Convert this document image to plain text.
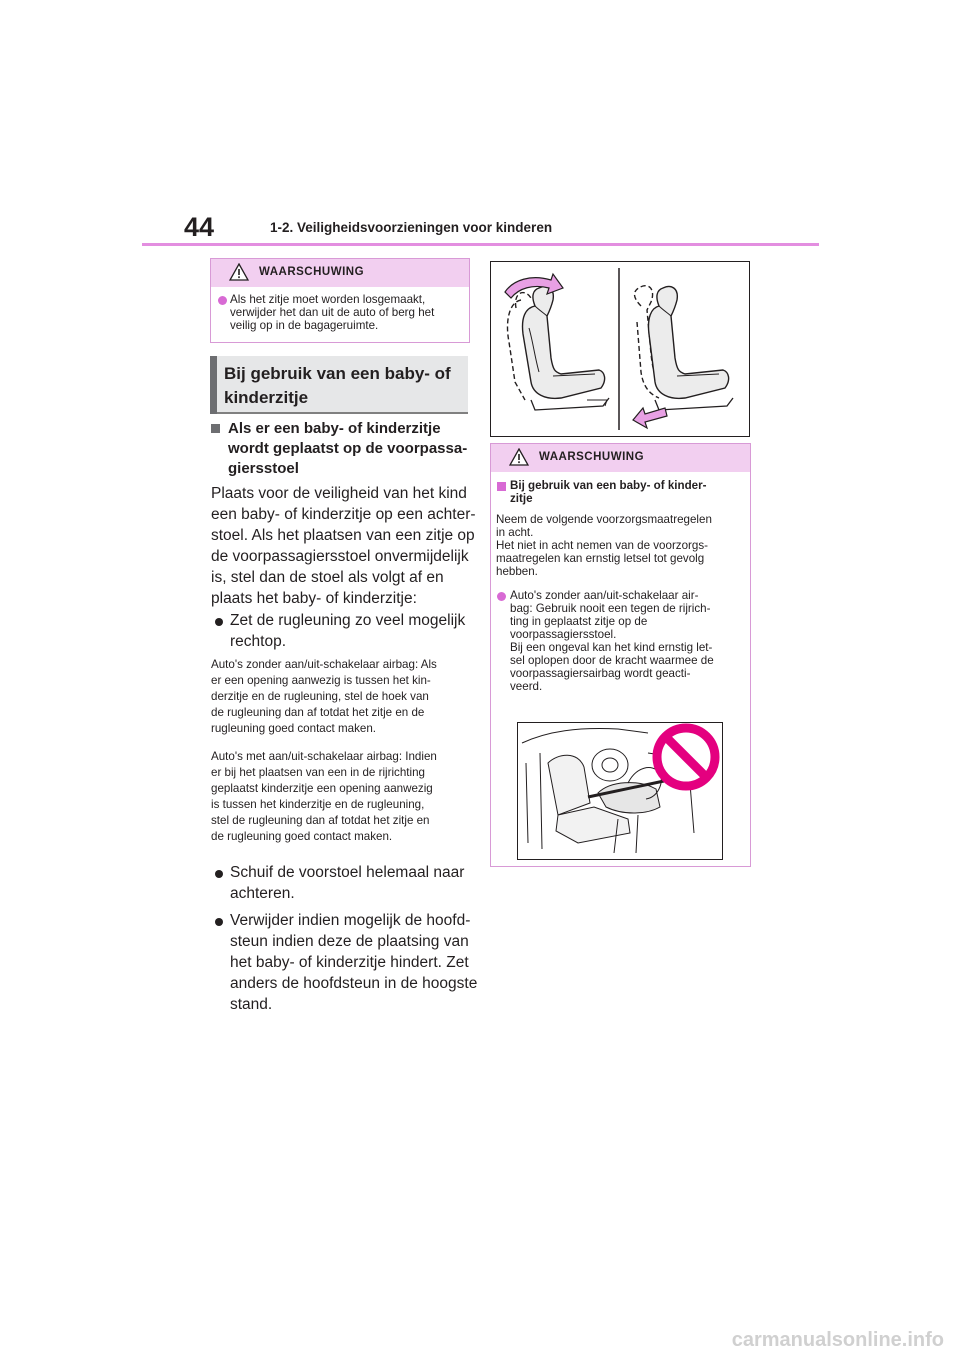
44	1-2. Veiligheidsvoorzieningen voor kinderen
WAARSCHUWING
Als het zitje moet worden losgemaakt,
verwijder het dan uit de auto of berg het
veilig op in de bagageruimte.
Bij gebruik van een baby- of
kinderzitje
Als er een baby- of kinderzitje
wordt geplaatst op de voorpassa-
giersstoel
Plaats voor de veiligheid van het kind
een baby- of kinderzitje op een achter-
stoel. Als het plaatsen van een zitje op
de voorpassagiersstoel onvermijdelijk
is, stel dan de stoel als volgt af en
plaats het baby- of kinderzitje:
Zet de rugleuning zo veel mogelijk
rechtop.
Auto's zonder aan/uit-schakelaar airbag: Als
er een opening aanwezig is tussen het kin-
derzitje en de rugleuning, stel de hoek van
de rugleuning dan af totdat het zitje en de
rugleuning goed contact maken.
Auto's met aan/uit-schakelaar airbag: Indien
er bij het plaatsen van een in de rijrichting
geplaatst kinderzitje een opening aanwezig
is tussen het kinderzitje en de rugleuning,
stel de rugleuning dan af totdat het zitje en
de rugleuning goed contact maken.
Schuif de voorstoel helemaal naar
achteren.
Verwijder indien mogelijk de hoofd-
steun indien deze de plaatsing van
het baby- of kinderzitje hindert. Zet
anders de hoofdsteun in de hoogste
stand.
WAARSCHUWING
Bij gebruik van een baby- of kinder-
zitje
Neem de volgende voorzorgsmaatregelen
in acht.
Het niet in acht nemen van de voorzorgs-
maatregelen kan ernstig letsel tot gevolg
hebben.
Auto's zonder aan/uit-schakelaar air-
bag: Gebruik nooit een tegen de rijrich-
ting in geplaatst zitje op de
voorpassagiersstoel.
Bij een ongeval kan het kind ernstig let-
sel oplopen door de kracht waarmee de
voorpassagiersairbag wordt geacti-
veerd.
carmanualsonline.info
